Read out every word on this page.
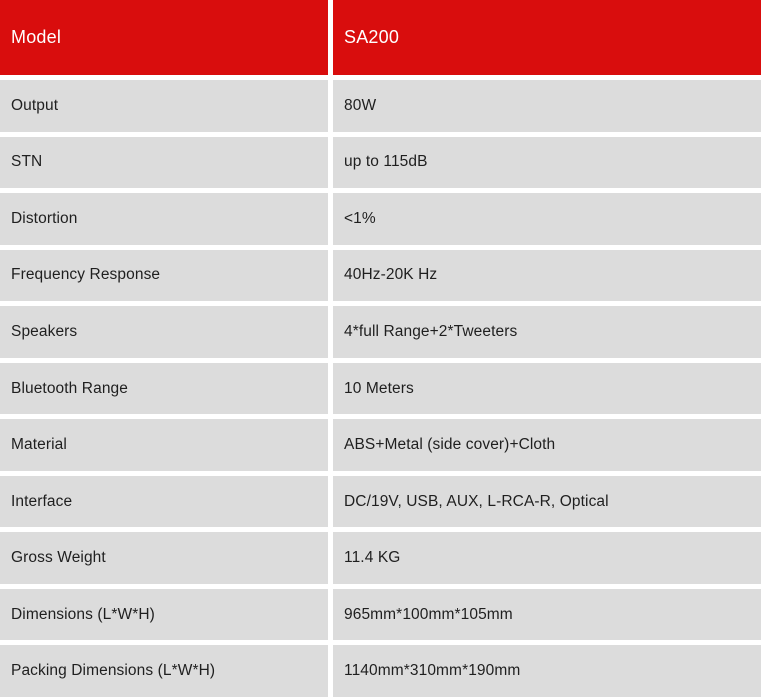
Model	SA200
Output	80W
STN	up to 115dB
Distortion	<1%
Frequency Response	40Hz-20K Hz
Speakers	4*full Range+2*Tweeters
Bluetooth Range	10 Meters
Material	ABS+Metal (side cover)+Cloth
Interface	DC/19V, USB, AUX, L-RCA-R, Optical
Gross Weight	11.4 KG
Dimensions (L*W*H)	965mm*100mm*105mm
Packing Dimensions (L*W*H)	1140mm*310mm*190mm
